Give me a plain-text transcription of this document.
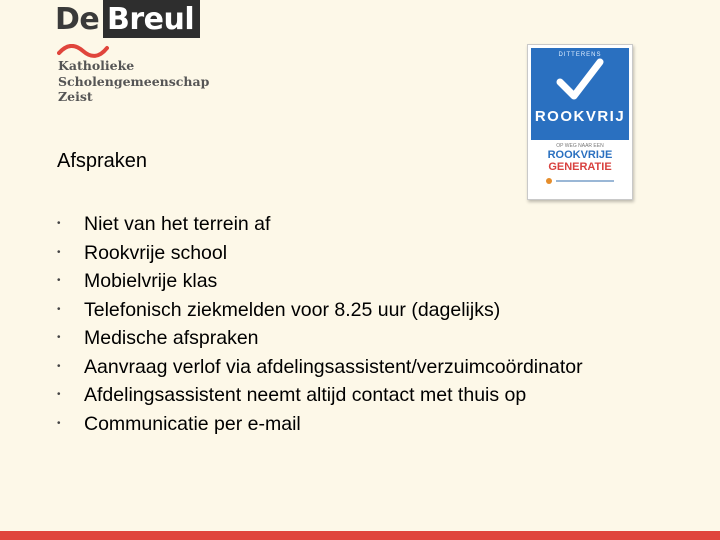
De Breul
Katholieke
Scholengemeenschap
Zeist
DITTERENS
ROOKVRIJ
OP WEG NAAR EEN
ROOKVRIJE
GENERATIE
Afspraken
• Niet van het terrein af
• Rookvrije school
• Mobielvrije klas
• Telefonisch ziekmelden voor 8.25 uur (dagelijks)
• Medische afspraken
• Aanvraag verlof via afdelingsassistent/verzuimcoördinator
• Afdelingsassistent neemt altijd contact met thuis op
• Communicatie per e-mail
